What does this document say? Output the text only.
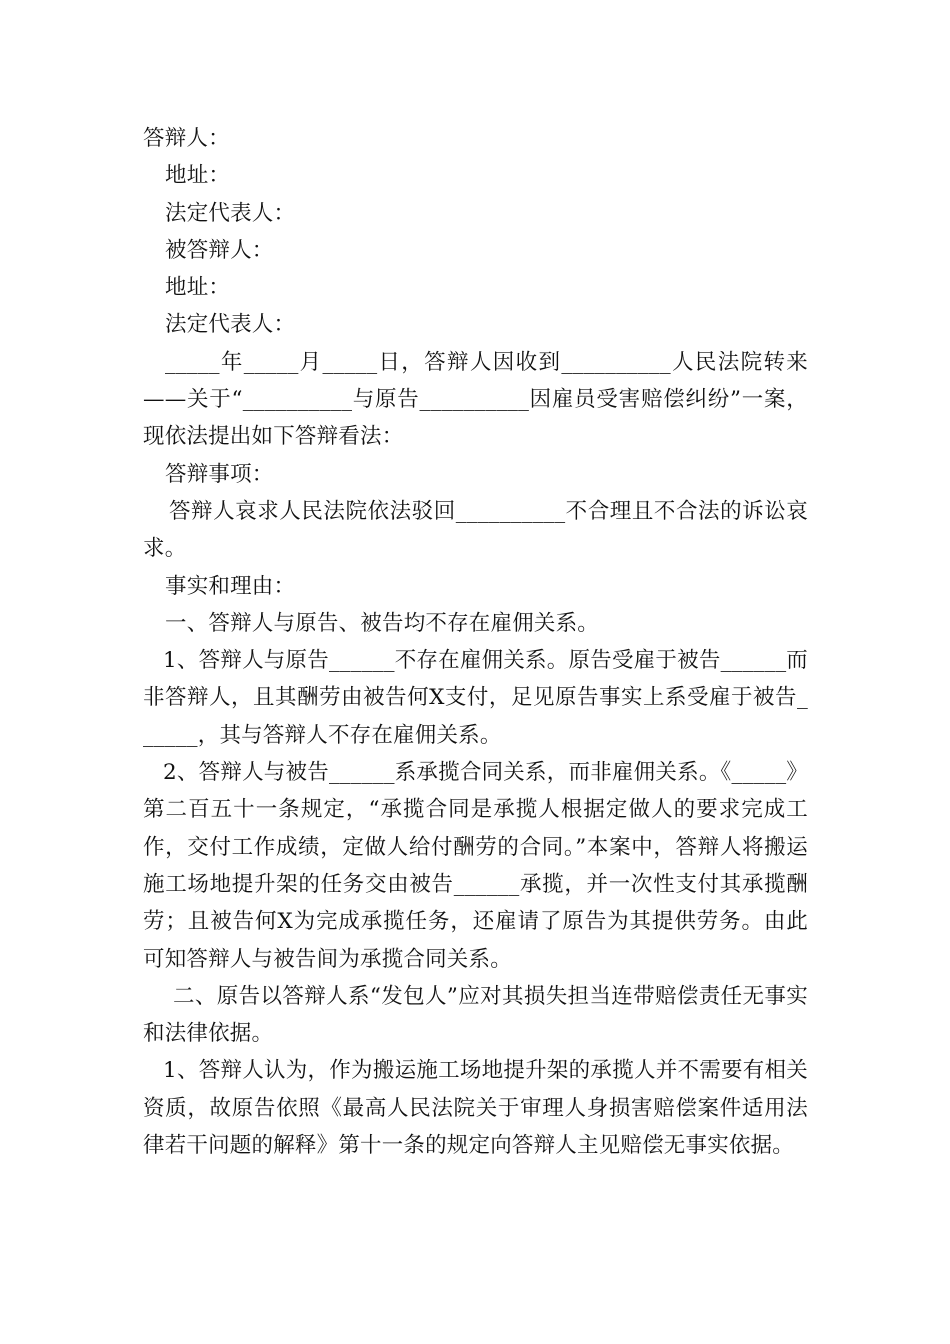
答辩人：

地址：

法定代表人：

被答辩人：

地址：

法定代表人：

_____年_____月_____日，答辩人因收到__________人民法院转来——关于“__________与原告__________因雇员受害赔偿纠纷”一案，现依法提出如下答辩看法：

答辩事项：

答辩人哀求人民法院依法驳回__________不合理且不合法的诉讼哀求。

事实和理由：

一、答辩人与原告、被告均不存在雇佣关系。

1、答辩人与原告______不存在雇佣关系。原告受雇于被告______而非答辩人，且其酬劳由被告何X支付，足见原告事实上系受雇于被告______，其与答辩人不存在雇佣关系。

2、答辩人与被告______系承揽合同关系，而非雇佣关系。《_____》第二百五十一条规定，“承揽合同是承揽人根据定做人的要求完成工作，交付工作成绩，定做人给付酬劳的合同。”本案中，答辩人将搬运施工场地提升架的任务交由被告______承揽，并一次性支付其承揽酬劳；且被告何X为完成承揽任务，还雇请了原告为其提供劳务。由此可知答辩人与被告间为承揽合同关系。

二、原告以答辩人系“发包人”应对其损失担当连带赔偿责任无事实和法律依据。

1、答辩人认为，作为搬运施工场地提升架的承揽人并不需要有相关资质，故原告依照《最高人民法院关于审理人身损害赔偿案件适用法律若干问题的解释》第十一条的规定向答辩人主见赔偿无事实依据。
